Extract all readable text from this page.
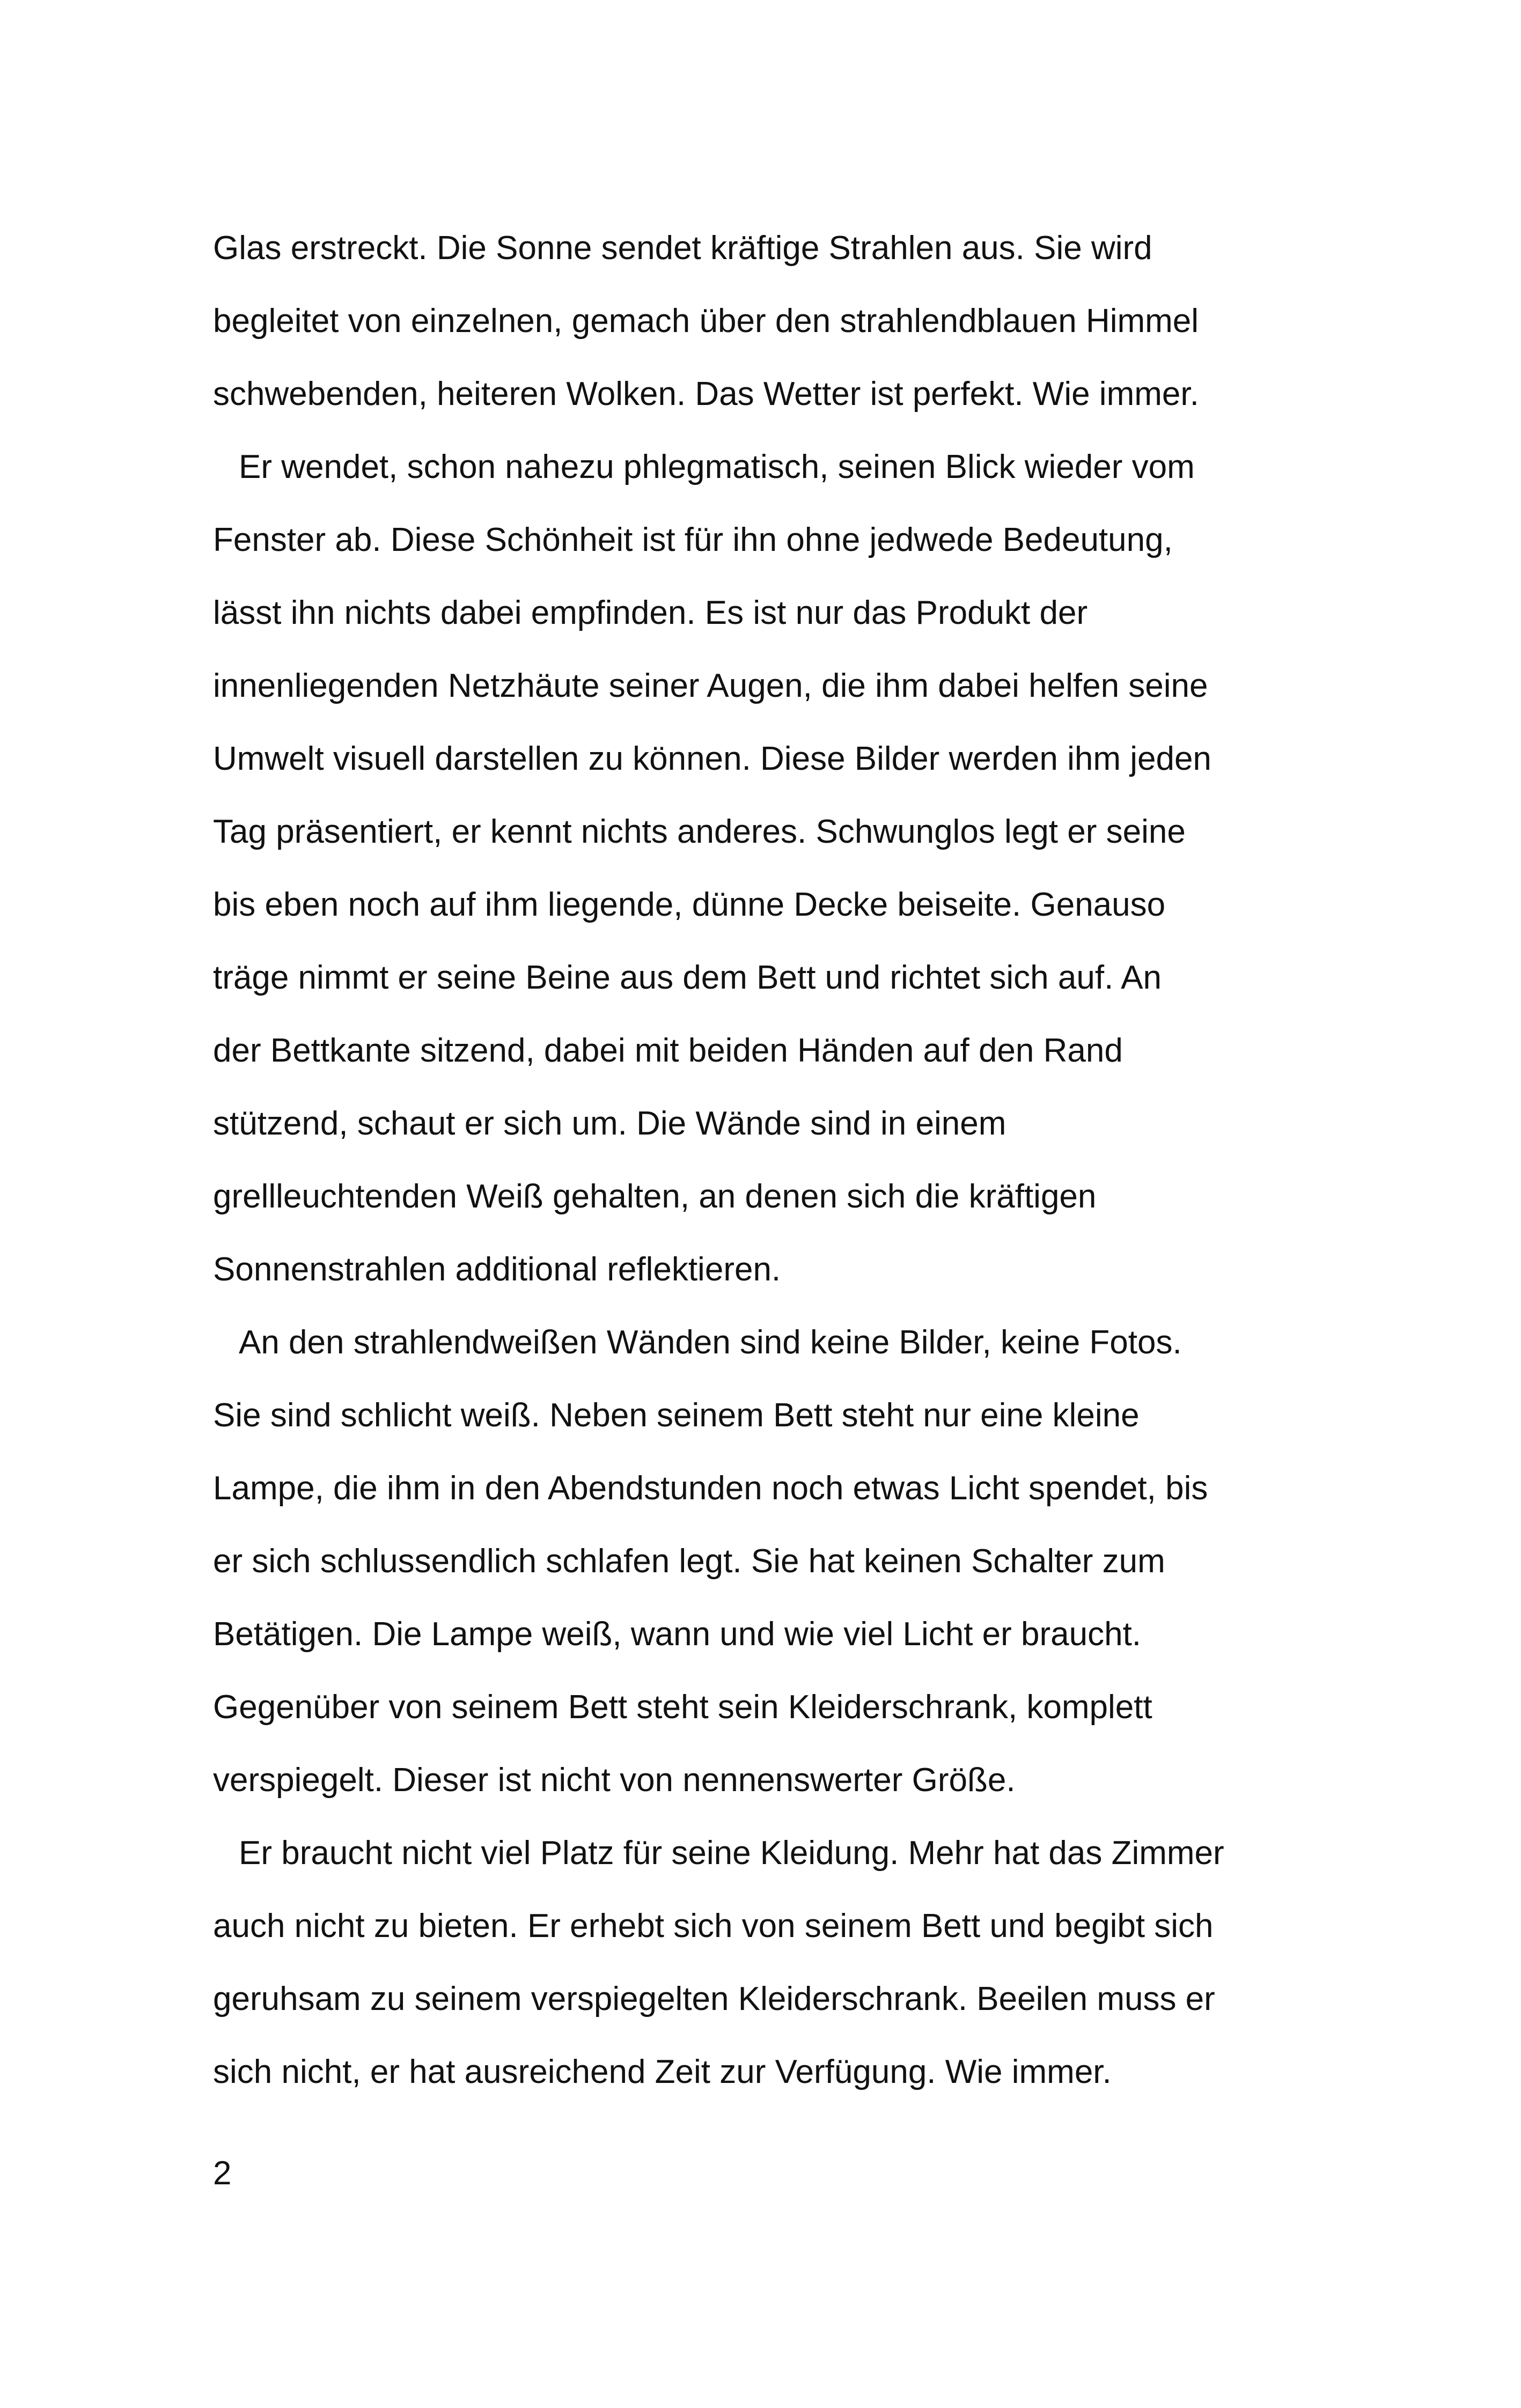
Glas erstreckt. Die Sonne sendet kräftige Strahlen aus. Sie wird
begleitet von einzelnen, gemach über den strahlendblauen Himmel
schwebenden, heiteren Wolken. Das Wetter ist perfekt. Wie immer.
Er wendet, schon nahezu phlegmatisch, seinen Blick wieder vom
Fenster ab. Diese Schönheit ist für ihn ohne jedwede Bedeutung,
lässt ihn nichts dabei empfinden. Es ist nur das Produkt der
innenliegenden Netzhäute seiner Augen, die ihm dabei helfen seine
Umwelt visuell darstellen zu können. Diese Bilder werden ihm jeden
Tag präsentiert, er kennt nichts anderes. Schwunglos legt er seine
bis eben noch auf ihm liegende, dünne Decke beiseite. Genauso
träge nimmt er seine Beine aus dem Bett und richtet sich auf. An
der Bettkante sitzend, dabei mit beiden Händen auf den Rand
stützend, schaut er sich um. Die Wände sind in einem
grellleuchtenden Weiß gehalten, an denen sich die kräftigen
Sonnenstrahlen additional reflektieren.
An den strahlendweißen Wänden sind keine Bilder, keine Fotos.
Sie sind schlicht weiß. Neben seinem Bett steht nur eine kleine
Lampe, die ihm in den Abendstunden noch etwas Licht spendet, bis
er sich schlussendlich schlafen legt. Sie hat keinen Schalter zum
Betätigen. Die Lampe weiß, wann und wie viel Licht er braucht.
Gegenüber von seinem Bett steht sein Kleiderschrank, komplett
verspiegelt. Dieser ist nicht von nennenswerter Größe.
Er braucht nicht viel Platz für seine Kleidung. Mehr hat das Zimmer
auch nicht zu bieten. Er erhebt sich von seinem Bett und begibt sich
geruhsam zu seinem verspiegelten Kleiderschrank. Beeilen muss er
sich nicht, er hat ausreichend Zeit zur Verfügung. Wie immer.
2
